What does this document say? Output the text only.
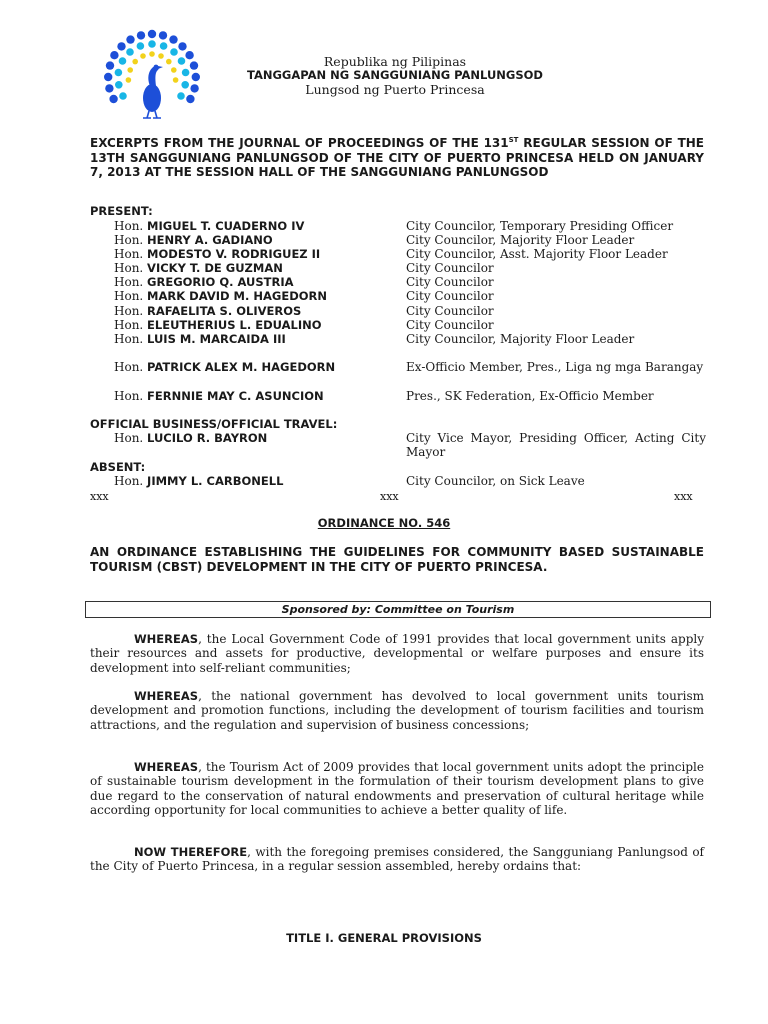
Republika ng Pilipinas
TANGGAPAN NG SANGGUNIANG PANLUNGSOD
Lungsod ng Puerto Princesa
EXCERPTS FROM THE JOURNAL OF PROCEEDINGS OF THE 131ST REGULAR SESSION OF THE 13TH SANGGUNIANG PANLUNGSOD OF THE CITY OF PUERTO PRINCESA HELD ON JANUARY 7, 2013 AT THE SESSION HALL OF THE SANGGUNIANG PANLUNGSOD
PRESENT:
Hon. MIGUEL T. CUADERNO IV	City Councilor, Temporary Presiding Officer
Hon. HENRY A. GADIANO	City Councilor, Majority Floor Leader
Hon. MODESTO V. RODRIGUEZ II	City Councilor, Asst. Majority Floor Leader
Hon. VICKY T. DE GUZMAN	City Councilor
Hon. GREGORIO Q. AUSTRIA	City Councilor
Hon. MARK DAVID M. HAGEDORN	City Councilor
Hon. RAFAELITA S. OLIVEROS	City Councilor
Hon. ELEUTHERIUS L. EDUALINO	City Councilor
Hon. LUIS M. MARCAIDA III	City Councilor, Majority Floor Leader
Hon. PATRICK ALEX M. HAGEDORN	Ex-Officio Member, Pres., Liga ng mga Barangay
Hon. FERNNIE MAY C. ASUNCION	Pres., SK Federation, Ex-Officio Member
OFFICIAL BUSINESS/OFFICIAL TRAVEL:
Hon. LUCILO R. BAYRON	City Vice Mayor, Presiding Officer, Acting City Mayor
ABSENT:
Hon. JIMMY L. CARBONELL	City Councilor, on Sick Leave
xxx	xxx	xxx
ORDINANCE NO. 546
AN ORDINANCE ESTABLISHING THE GUIDELINES FOR COMMUNITY BASED SUSTAINABLE TOURISM (CBST) DEVELOPMENT IN THE CITY OF PUERTO PRINCESA.
Sponsored by: Committee on Tourism
WHEREAS, the Local Government Code of 1991 provides that local government units apply their resources and assets for productive, developmental or welfare purposes and ensure its development into self-reliant communities;
WHEREAS, the national government has devolved to local government units tourism development and promotion functions, including the development of tourism facilities and tourism attractions, and the regulation and supervision of business concessions;
WHEREAS, the Tourism Act of 2009 provides that local government units adopt the principle of sustainable tourism development in the formulation of their tourism development plans to give due regard to the conservation of natural endowments and preservation of cultural heritage while according opportunity for local communities to achieve a better quality of life.
NOW THEREFORE, with the foregoing premises considered, the Sangguniang Panlungsod of the City of Puerto Princesa, in a regular session assembled, hereby ordains that:
TITLE I. GENERAL PROVISIONS
